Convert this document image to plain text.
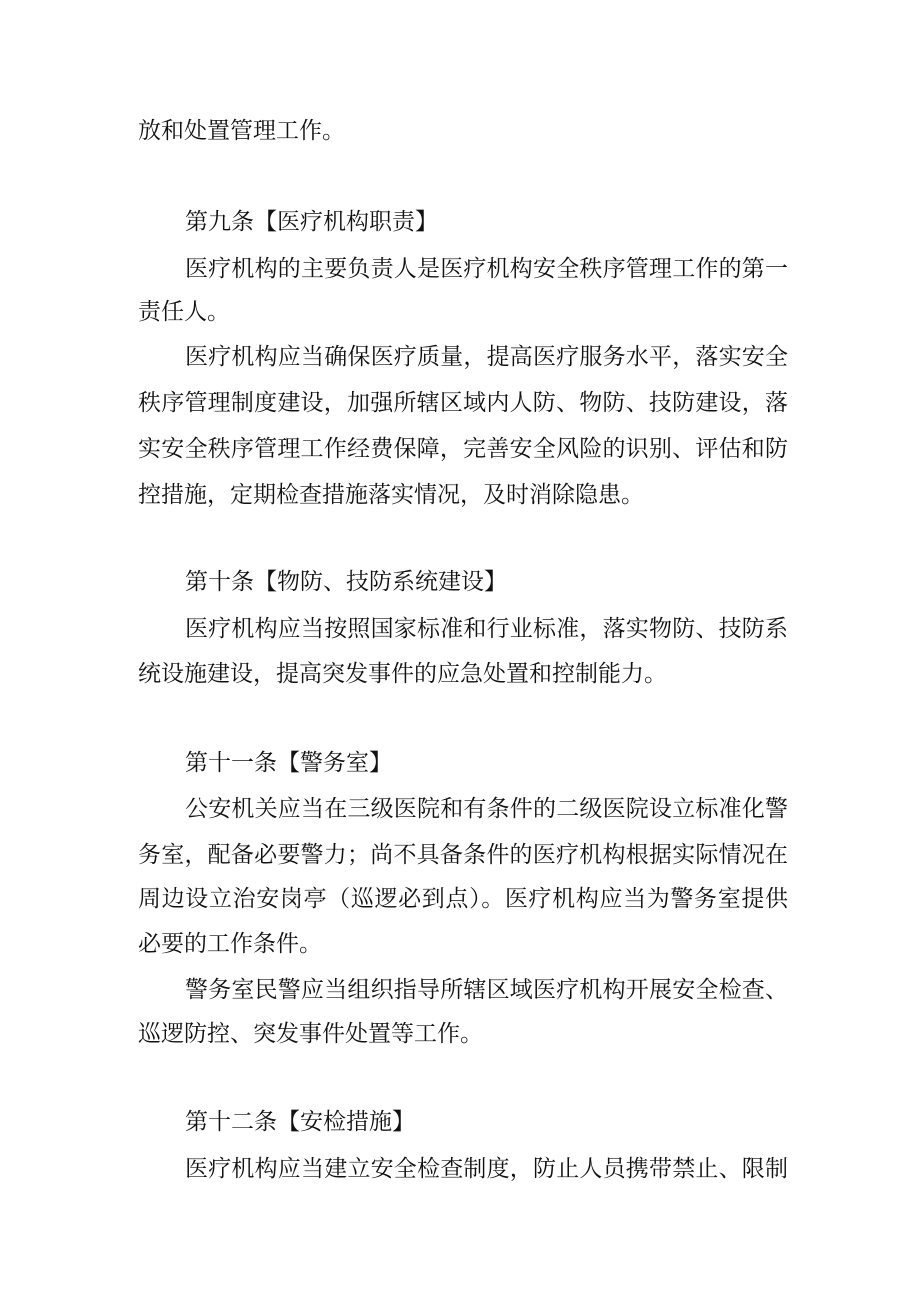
放和处置管理工作。
第九条【医疗机构职责】
医疗机构的主要负责人是医疗机构安全秩序管理工作的第一
责任人。
医疗机构应当确保医疗质量，提高医疗服务水平，落实安全
秩序管理制度建设，加强所辖区域内人防、物防、技防建设，落
实安全秩序管理工作经费保障，完善安全风险的识别、评估和防
控措施，定期检查措施落实情况，及时消除隐患。
第十条【物防、技防系统建设】
医疗机构应当按照国家标准和行业标准，落实物防、技防系
统设施建设，提高突发事件的应急处置和控制能力。
第十一条【警务室】
公安机关应当在三级医院和有条件的二级医院设立标准化警
务室，配备必要警力；尚不具备条件的医疗机构根据实际情况在
周边设立治安岗亭（巡逻必到点）。医疗机构应当为警务室提供
必要的工作条件。
警务室民警应当组织指导所辖区域医疗机构开展安全检查、
巡逻防控、突发事件处置等工作。
第十二条【安检措施】
医疗机构应当建立安全检查制度，防止人员携带禁止、限制
